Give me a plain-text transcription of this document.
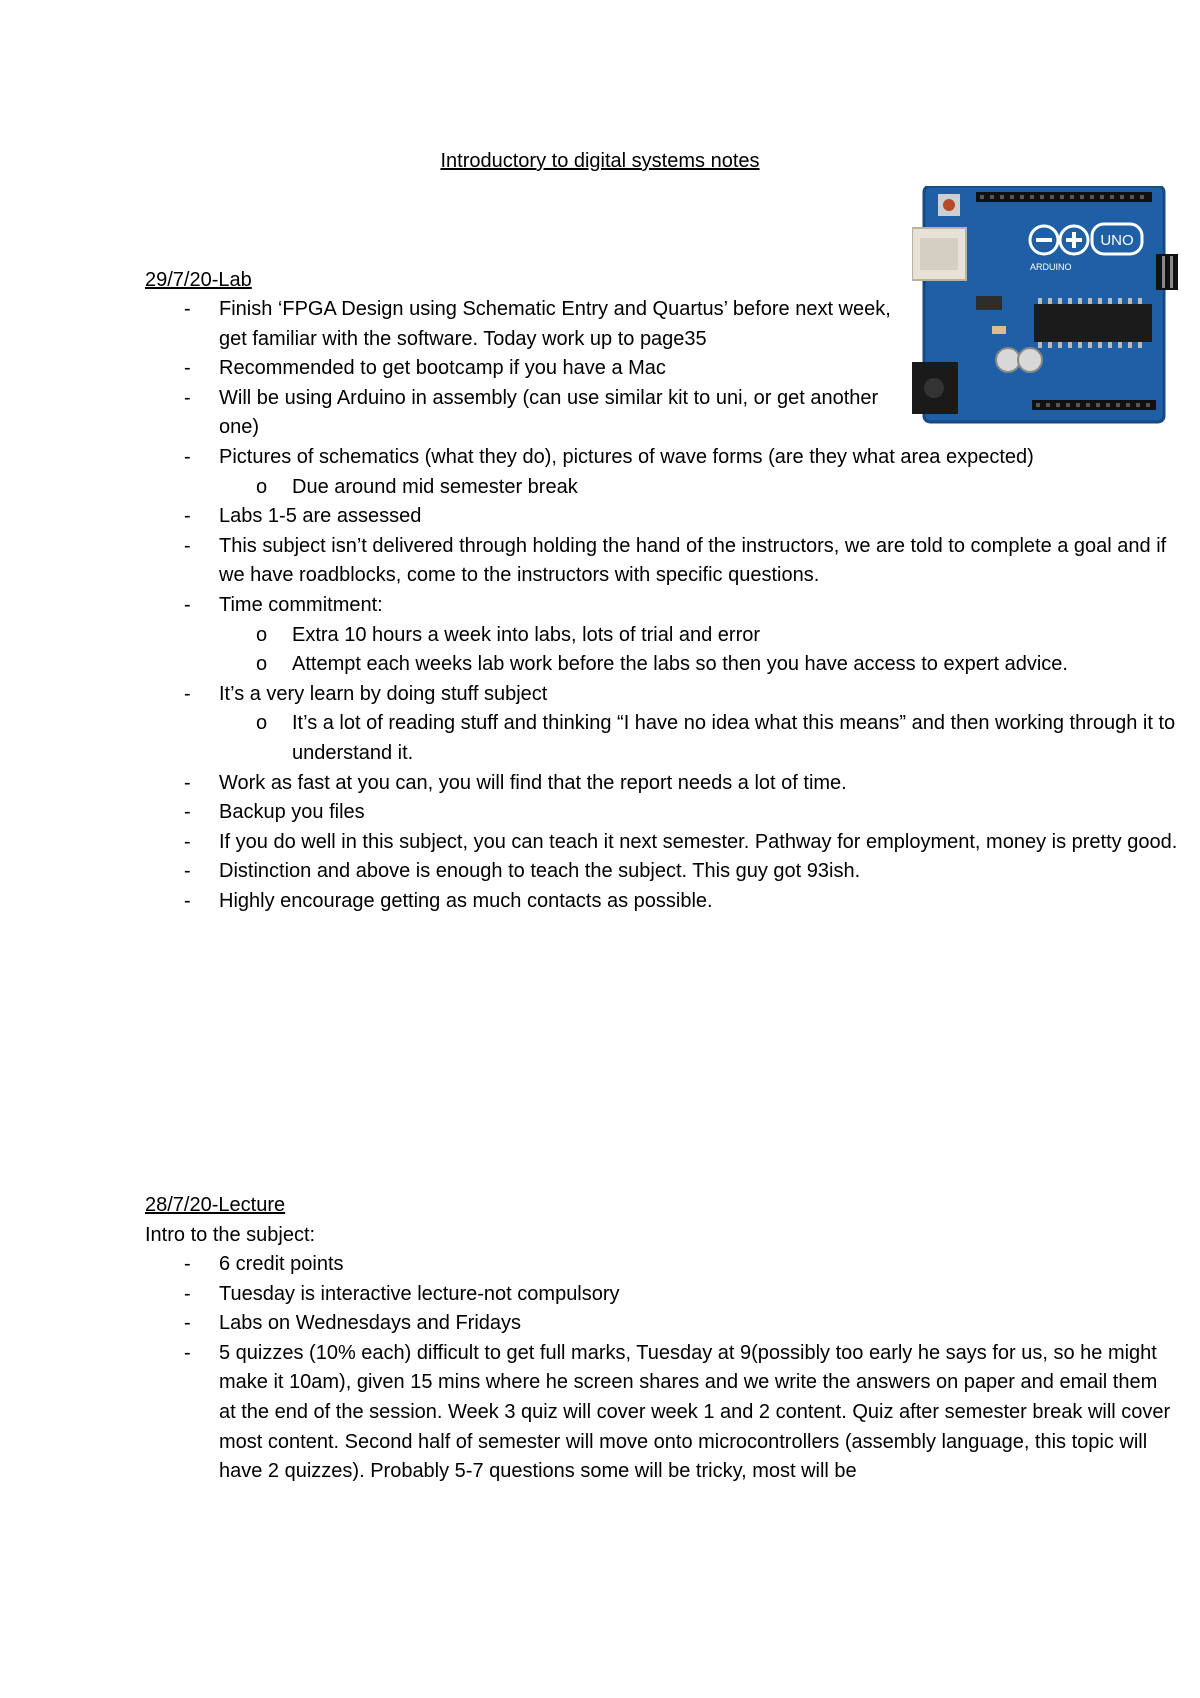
Introductory to digital systems notes
UNO
ARDUINO
29/7/20-Lab
- Finish ‘FPGA Design using Schematic Entry and Quartus’ before next week, get familiar with the software. Today work up to page35
- Recommended to get bootcamp if you have a Mac
- Will be using Arduino in assembly (can use similar kit to uni, or get another one)
- Pictures of schematics (what they do), pictures of wave forms (are they what area expected)
o Due around mid semester break
- Labs 1-5 are assessed
- This subject isn’t delivered through holding the hand of the instructors, we are told to complete a goal and if we have roadblocks, come to the instructors with specific questions.
- Time commitment:
o Extra 10 hours a week into labs, lots of trial and error
o Attempt each weeks lab work before the labs so then you have access to expert advice.
- It’s a very learn by doing stuff subject
o It’s a lot of reading stuff and thinking “I have no idea what this means” and then working through it to understand it.
- Work as fast at you can, you will find that the report needs a lot of time.
- Backup you files
- If you do well in this subject, you can teach it next semester. Pathway for employment, money is pretty good.
- Distinction and above is enough to teach the subject. This guy got 93ish.
- Highly encourage getting as much contacts as possible.
28/7/20-Lecture
Intro to the subject:
- 6 credit points
- Tuesday is interactive lecture-not compulsory
- Labs on Wednesdays and Fridays
- 5 quizzes (10% each) difficult to get full marks, Tuesday at 9(possibly too early he says for us, so he might make it 10am), given 15 mins where he screen shares and we write the answers on paper and email them at the end of the session. Week 3 quiz will cover week 1 and 2 content. Quiz after semester break will cover most content. Second half of semester will move onto microcontrollers (assembly language, this topic will have 2 quizzes). Probably 5-7 questions some will be tricky, most will be
